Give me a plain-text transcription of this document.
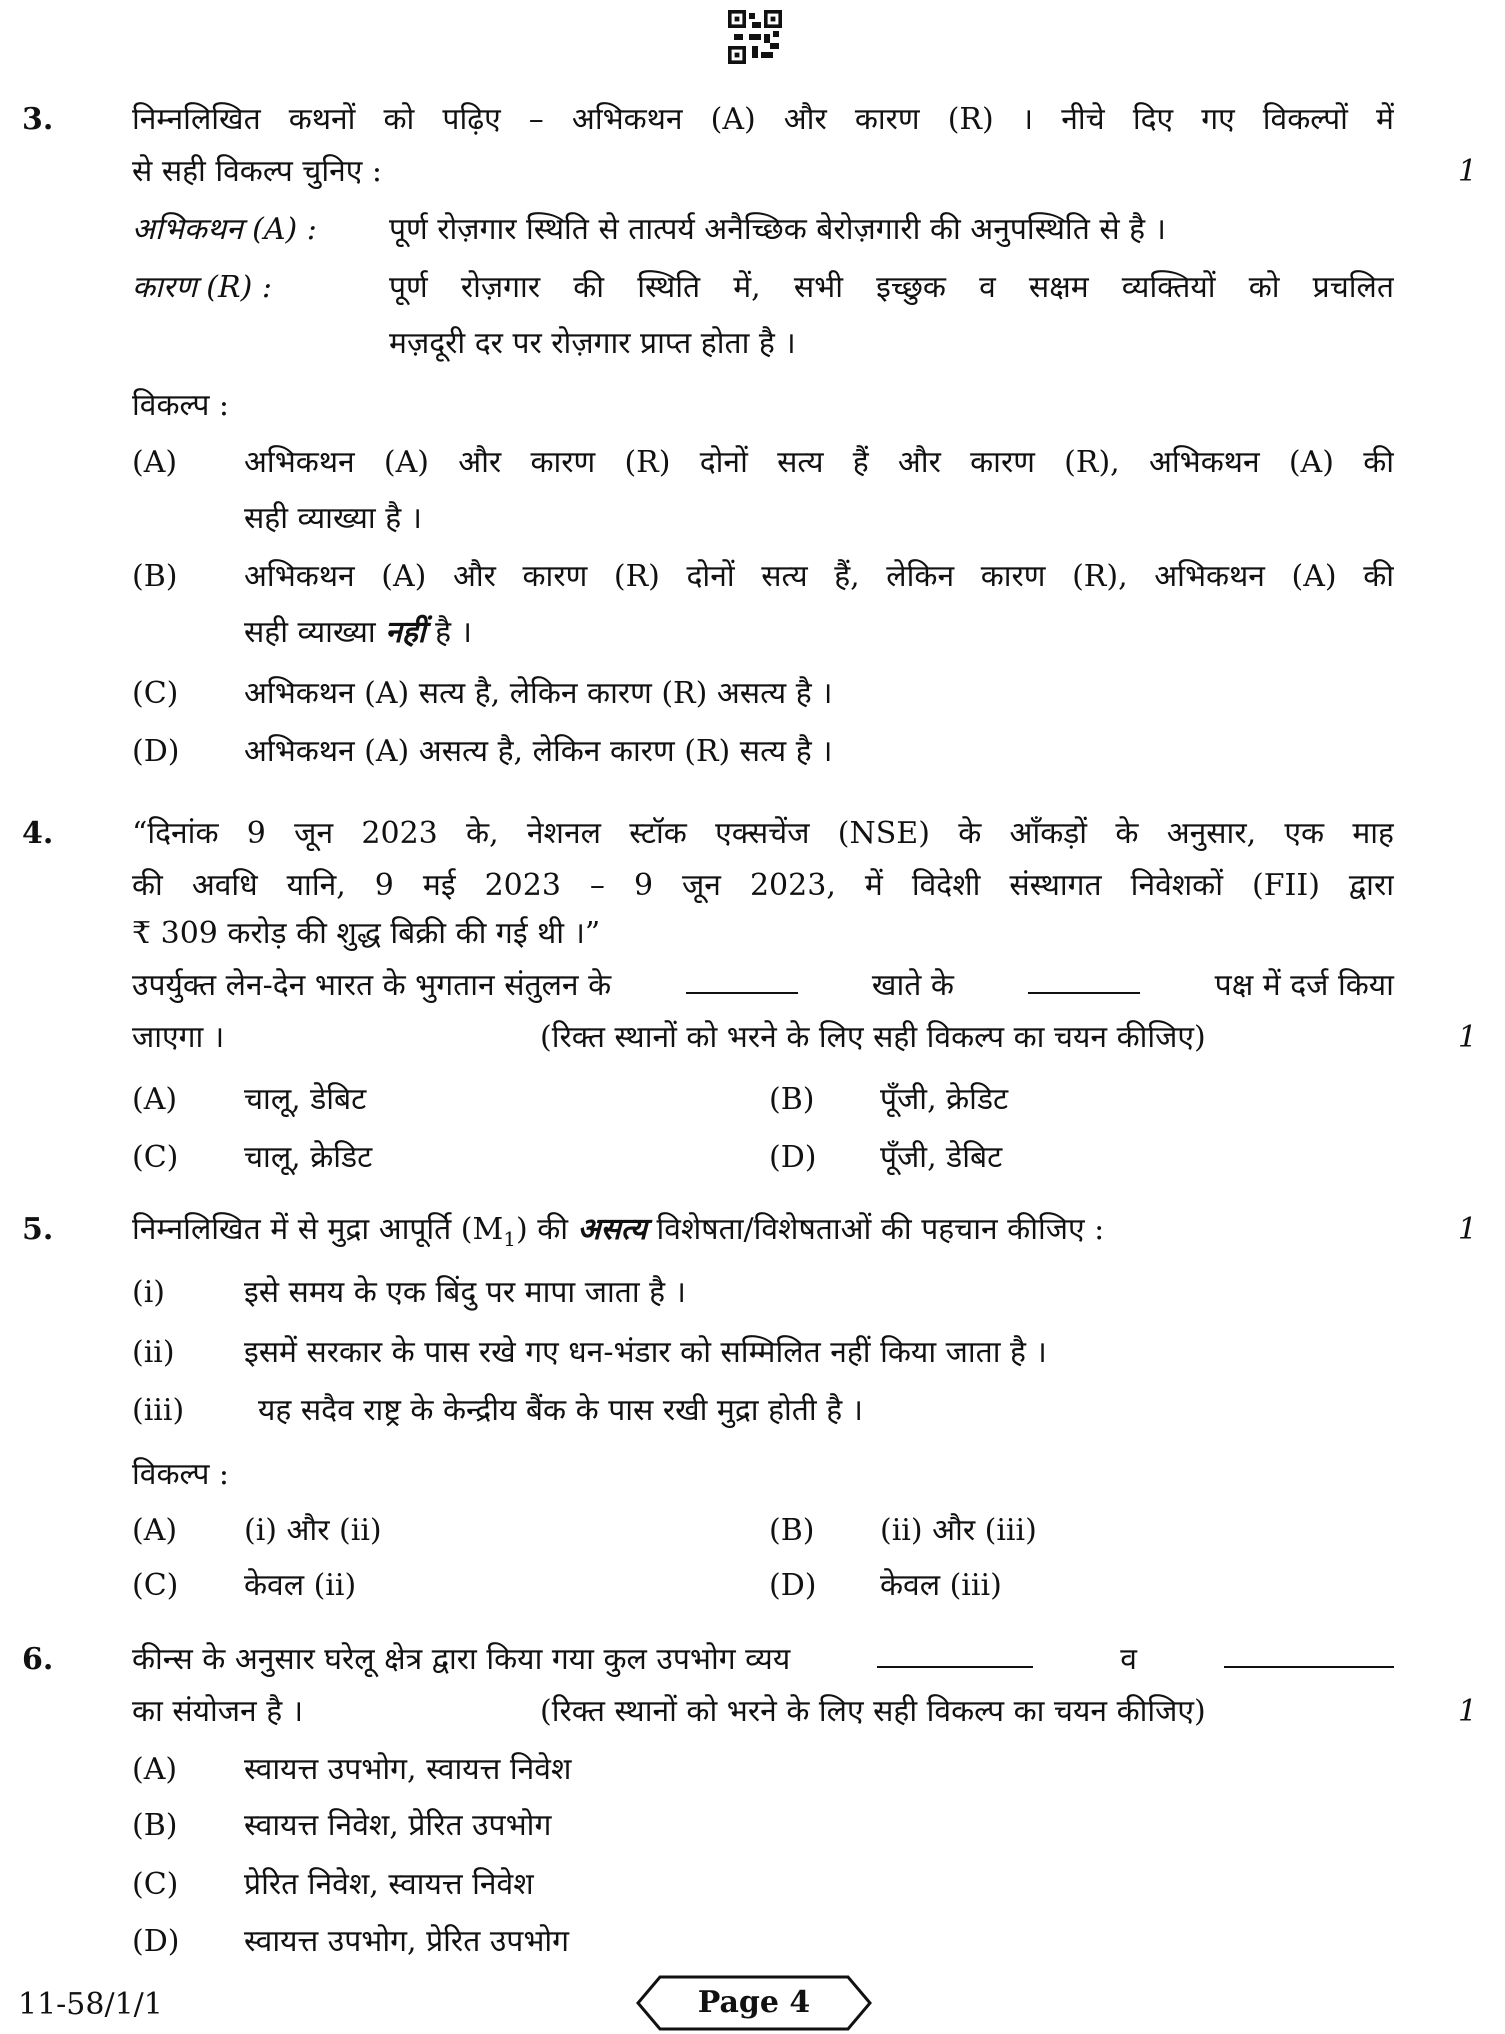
3.	निम्नलिखित कथनों को पढ़िए – अभिकथन (A) और कारण (R) । नीचे दिए गए विकल्पों में
से सही विकल्प चुनिए :	1
अभिकथन (A) : पूर्ण रोज़गार स्थिति से तात्पर्य अनैच्छिक बेरोज़गारी की अनुपस्थिति से है ।
कारण (R) :	पूर्ण रोज़गार की स्थिति में, सभी इच्छुक व सक्षम व्यक्तियों को प्रचलित
मज़दूरी दर पर रोज़गार प्राप्त होता है ।
विकल्प :
(A) अभिकथन (A) और कारण (R) दोनों सत्य हैं और कारण (R), अभिकथन (A) की
सही व्याख्या है ।
(B) अभिकथन (A) और कारण (R) दोनों सत्य हैं, लेकिन कारण (R), अभिकथन (A) की
सही व्याख्या नहीं है ।
(C) अभिकथन (A) सत्य है, लेकिन कारण (R) असत्य है ।
(D) अभिकथन (A) असत्य है, लेकिन कारण (R) सत्य है ।
4.	“दिनांक 9 जून 2023 के, नेशनल स्टॉक एक्सचेंज (NSE) के आँकड़ों के अनुसार, एक माह
की अवधि यानि, 9 मई 2023 – 9 जून 2023, में विदेशी संस्थागत निवेशकों (FII) द्वारा
₹ 309 करोड़ की शुद्ध बिक्री की गई थी ।”
उपर्युक्त लेन-देन भारत के भुगतान संतुलन के	खाते के	पक्ष में दर्ज किया
जाएगा ।	(रिक्त स्थानों को भरने के लिए सही विकल्प का चयन कीजिए)	1
(A) चालू, डेबिट	(B) पूँजी, क्रेडिट
(C) चालू, क्रेडिट	(D) पूँजी, डेबिट
5.	निम्नलिखित में से मुद्रा आपूर्ति $(M_1)$ की असत्य विशेषता/विशेषताओं की पहचान कीजिए :	1
(i)	इसे समय के एक बिंदु पर मापा जाता है ।
(ii) इसमें सरकार के पास रखे गए धन-भंडार को सम्मिलित नहीं किया जाता है ।
(iii) यह सदैव राष्ट्र के केन्द्रीय बैंक के पास रखी मुद्रा होती है ।
विकल्प :
(A) (i) और (ii)	(B) (ii) और (iii)
(C) केवल (ii)	(D) केवल (iii)
6.	कीन्स के अनुसार घरेलू क्षेत्र द्वारा किया गया कुल उपभोग व्यय	व
का संयोजन है ।	(रिक्त स्थानों को भरने के लिए सही विकल्प का चयन कीजिए)	1
(A) स्वायत्त उपभोग, स्वायत्त निवेश
(B) स्वायत्त निवेश, प्रेरित उपभोग
(C) प्रेरित निवेश, स्वायत्त निवेश
(D) स्वायत्त उपभोग, प्रेरित उपभोग
11-58/1/1	Page 4
